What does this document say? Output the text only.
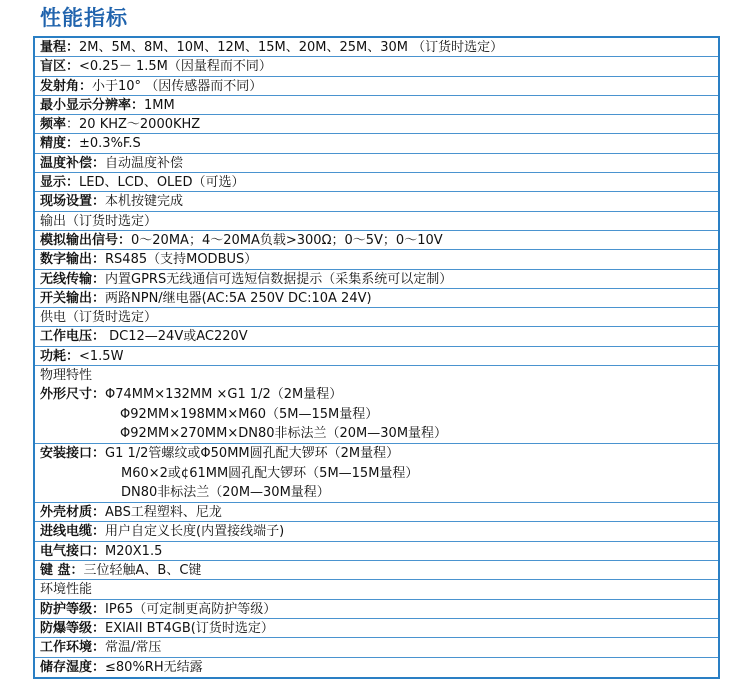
性能指标
量程：2M、5M、8M、10M、12M、15M、20M、25M、30M （订货时选定）
盲区：<0.25－ 1.5M（因量程而不同）
发射角：小于10° （因传感器而不同）
最小显示分辨率：1MM
频率：20 KHZ～2000KHZ
精度：±0.3%F.S
温度补偿：自动温度补偿
显示：LED、LCD、OLED（可选）
现场设置：本机按键完成
输出（订货时选定）
模拟输出信号：0～20MA；4～20MA负载>300Ω；0～5V；0～10V
数字输出：RS485（支持MODBUS）
无线传输：内置GPRS无线通信可选短信数据提示（采集系统可以定制）
开关输出：两路NPN/继电器(AC:5A 250V DC:10A 24V)
供电（订货时选定）
工作电压： DC12—24V或AC220V
功耗：<1.5W
物理特性
外形尺寸：Φ74MM×132MM ×G1 1/2（2M量程）
Φ92MM×198MM×M60（5M—15M量程）
Φ92MM×270MM×DN80非标法兰（20M—30M量程）
安装接口：G1 1/2管螺纹或Φ50MM圆孔配大锣环（2M量程）
M60×2或¢61MM圆孔配大锣环（5M—15M量程）
DN80非标法兰（20M—30M量程）
外壳材质：ABS工程塑料、尼龙
进线电缆：用户自定义长度(内置接线端子)
电气接口：M20X1.5
键 盘：三位轻触A、B、C键
环境性能
防护等级：IP65（可定制更高防护等级）
防爆等级：EXIAII BT4GB(订货时选定）
工作环境：常温/常压
储存湿度：≤80%RH无结露
